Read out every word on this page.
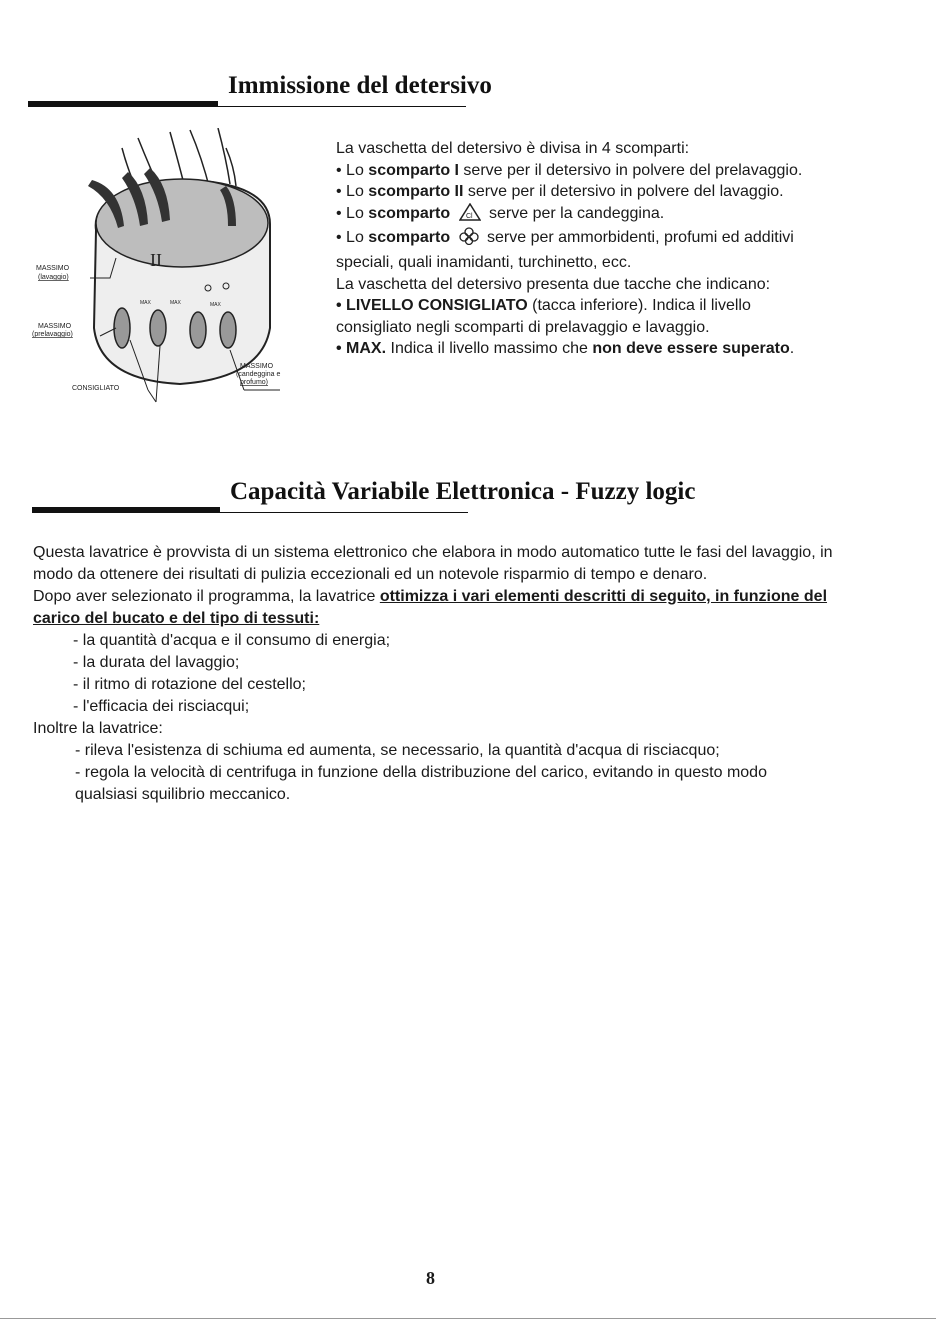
Immissione del detersivo
II
MAX	MAX	MAX
MASSIMO
(lavaggio)
MASSIMO
(prelavaggio)
CONSIGLIATO
MASSIMO
(candeggina e
profumo)

La vaschetta del detersivo è divisa in 4 scomparti:

• Lo scomparto I serve per il detersivo in polvere del prelavaggio.

• Lo scomparto II serve per il detersivo in polvere del lavaggio.

• Lo scomparto Cl serve per la candeggina.

• Lo scomparto  serve per ammorbidenti, profumi ed additivi speciali, quali inamidanti, turchinetto, ecc.

La vaschetta del detersivo presenta due tacche che indicano:

• LIVELLO CONSIGLIATO (tacca inferiore). Indica il livello consigliato negli scomparti di prelavaggio e lavaggio.

• MAX. Indica il livello massimo che non deve essere superato.

Capacità Variabile Elettronica - Fuzzy logic

Questa lavatrice è provvista di un sistema elettronico che elabora in modo automatico tutte le fasi del lavaggio, in modo da ottenere dei risultati di pulizia eccezionali ed un notevole risparmio di tempo e denaro.

Dopo aver selezionato il programma, la lavatrice ottimizza i vari elementi descritti di seguito, in funzione del carico del bucato e del tipo di tessuti:

- la quantità d'acqua e il consumo di energia;

- la durata del lavaggio;

- il ritmo di rotazione del cestello;

- l'efficacia dei risciacqui;

Inoltre la lavatrice:

- rileva l'esistenza di schiuma ed aumenta, se necessario, la quantità d'acqua di risciacquo;

- regola la velocità di centrifuga in funzione della distribuzione del carico, evitando in questo modo qualsiasi squilibrio meccanico.

8
